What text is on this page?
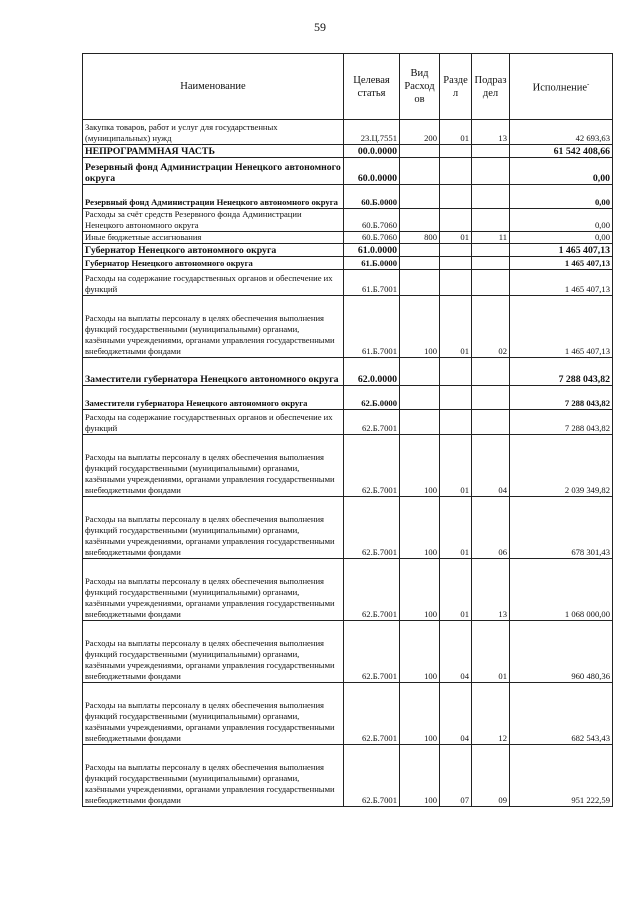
59
Наименование	Целевая статья	Вид Расход ов	Разде л	Подраз дел	Исполнение-
Закупка товаров, работ и услуг для государственных (муниципальных) нужд	23.Ц.7551	200	01	13	42 693,63
НЕПРОГРАММНАЯ ЧАСТЬ	00.0.0000				61 542 408,66
Резервный фонд Администрации Ненецкого автономного округа	60.0.0000				0,00
Резервный фонд Администрации Ненецкого автономного округа	60.Б.0000				0,00
Расходы за счёт средств Резервного фонда Администрации Ненецкого автономного округа	60.Б.7060				0,00
Иные бюджетные ассигнования	60.Б.7060	800	01	11	0,00
Губернатор Ненецкого автономного округа	61.0.0000				1 465 407,13
Губернатор Ненецкого автономного округа	61.Б.0000				1 465 407,13
Расходы на содержание государственных органов и обеспечение их функций	61.Б.7001				1 465 407,13
Расходы на выплаты персоналу в целях обеспечения выполнения функций государственными (муниципальными) органами, казёнными учреждениями, органами управления государственными внебюджетными фондами	61.Б.7001	100	01	02	1 465 407,13
Заместители губернатора Ненецкого автономного округа	62.0.0000				7 288 043,82
Заместители губернатора Ненецкого автономного округа	62.Б.0000				7 288 043,82
Расходы на содержание государственных органов и обеспечение их функций	62.Б.7001				7 288 043,82
Расходы на выплаты персоналу в целях обеспечения выполнения функций государственными (муниципальными) органами, казёнными учреждениями, органами управления государственными внебюджетными фондами	62.Б.7001	100	01	04	2 039 349,82
Расходы на выплаты персоналу в целях обеспечения выполнения функций государственными (муниципальными) органами, казёнными учреждениями, органами управления государственными внебюджетными фондами	62.Б.7001	100	01	06	678 301,43
Расходы на выплаты персоналу в целях обеспечения выполнения функций государственными (муниципальными) органами, казёнными учреждениями, органами управления государственными внебюджетными фондами	62.Б.7001	100	01	13	1 068 000,00
Расходы на выплаты персоналу в целях обеспечения выполнения функций государственными (муниципальными) органами, казёнными учреждениями, органами управления государственными внебюджетными фондами	62.Б.7001	100	04	01	960 480,36
Расходы на выплаты персоналу в целях обеспечения выполнения функций государственными (муниципальными) органами, казёнными учреждениями, органами управления государственными внебюджетными фондами	62.Б.7001	100	04	12	682 543,43
Расходы на выплаты персоналу в целях обеспечения выполнения функций государственными (муниципальными) органами, казёнными учреждениями, органами управления государственными внебюджетными фондами	62.Б.7001	100	07	09	951 222,59
